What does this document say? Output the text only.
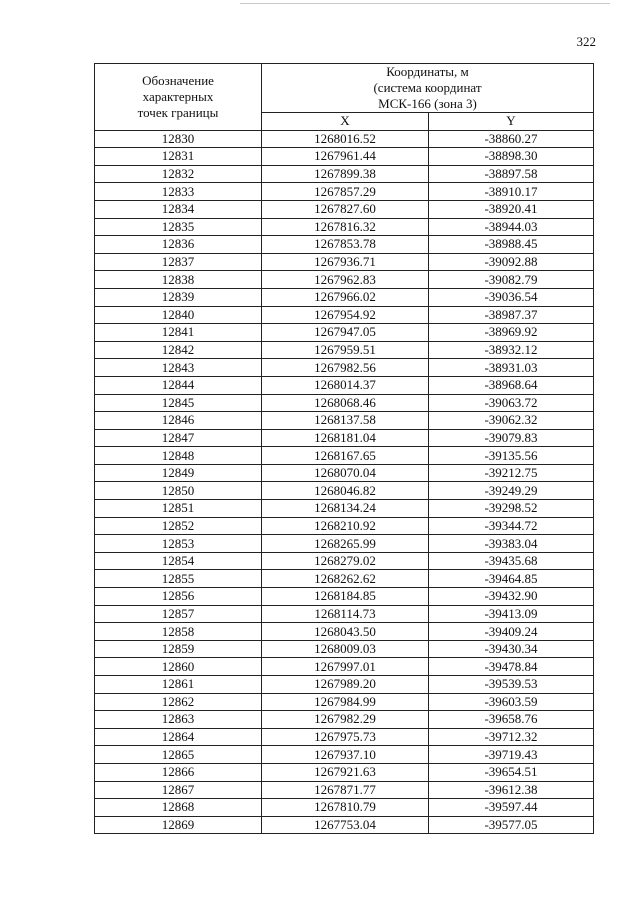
322
Обозначение
характерных
точек границы	Координаты, м
(система координат
МСК-166 (зона 3)	

	X	Y
12830	1268016.52	-38860.27
12831	1267961.44	-38898.30
12832	1267899.38	-38897.58
12833	1267857.29	-38910.17
12834	1267827.60	-38920.41
12835	1267816.32	-38944.03
12836	1267853.78	-38988.45
12837	1267936.71	-39092.88
12838	1267962.83	-39082.79
12839	1267966.02	-39036.54
12840	1267954.92	-38987.37
12841	1267947.05	-38969.92
12842	1267959.51	-38932.12
12843	1267982.56	-38931.03
12844	1268014.37	-38968.64
12845	1268068.46	-39063.72
12846	1268137.58	-39062.32
12847	1268181.04	-39079.83
12848	1268167.65	-39135.56
12849	1268070.04	-39212.75
12850	1268046.82	-39249.29
12851	1268134.24	-39298.52
12852	1268210.92	-39344.72
12853	1268265.99	-39383.04
12854	1268279.02	-39435.68
12855	1268262.62	-39464.85
12856	1268184.85	-39432.90
12857	1268114.73	-39413.09
12858	1268043.50	-39409.24
12859	1268009.03	-39430.34
12860	1267997.01	-39478.84
12861	1267989.20	-39539.53
12862	1267984.99	-39603.59
12863	1267982.29	-39658.76
12864	1267975.73	-39712.32
12865	1267937.10	-39719.43
12866	1267921.63	-39654.51
12867	1267871.77	-39612.38
12868	1267810.79	-39597.44
12869	1267753.04	-39577.05
